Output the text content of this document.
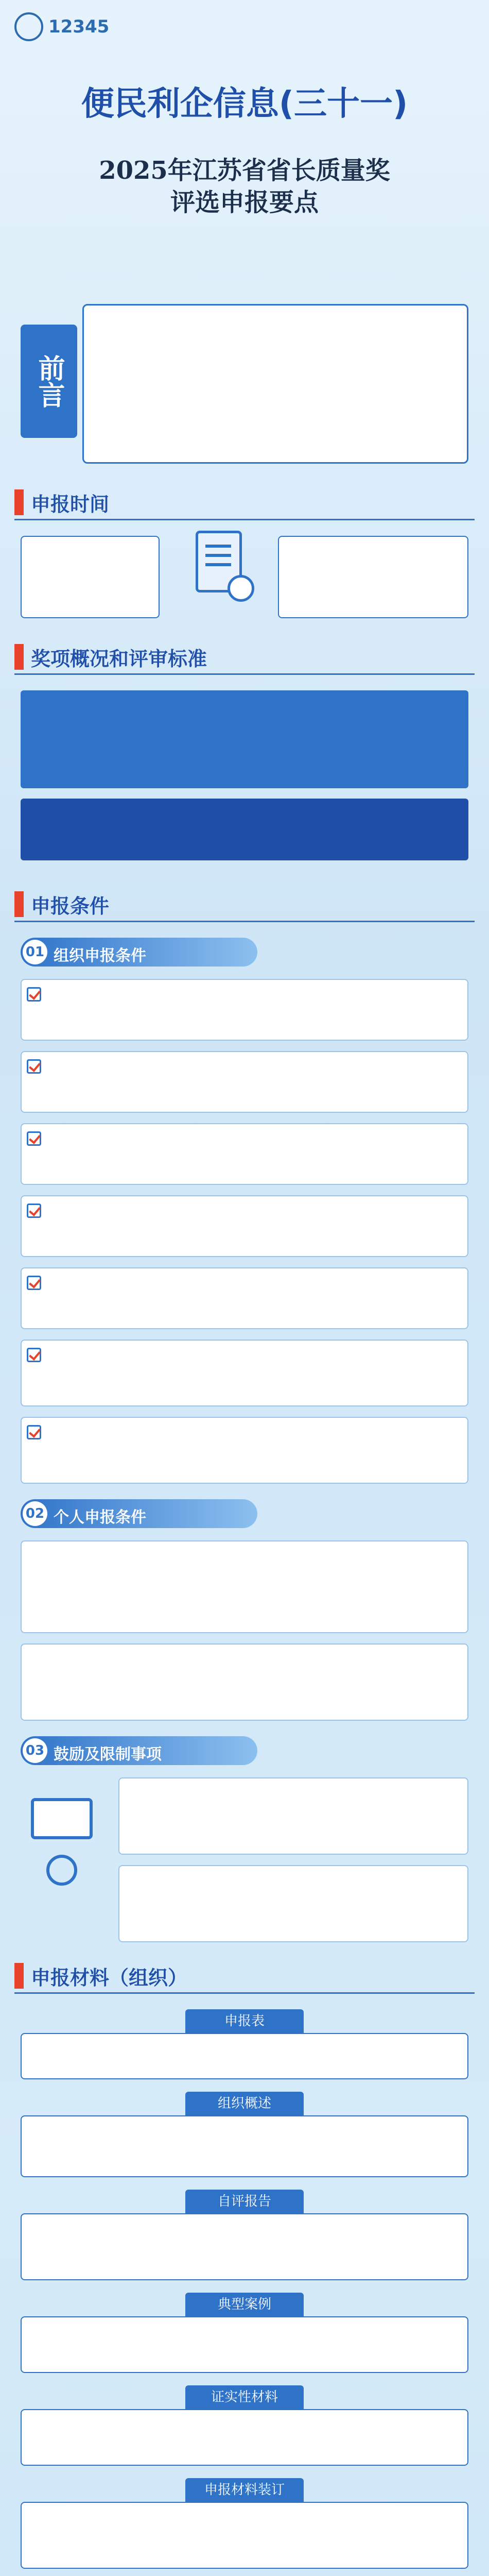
12345
便民利企信息(三十一)
2025年江苏省省长质量奖
评选申报要点
前言
申报时间
奖项概况和评审标准
申报条件
01 组织申报条件
02 个人申报条件
03 鼓励及限制事项
申报材料（组织）
申报表
组织概述
自评报告
典型案例
证实性材料
申报材料装订
